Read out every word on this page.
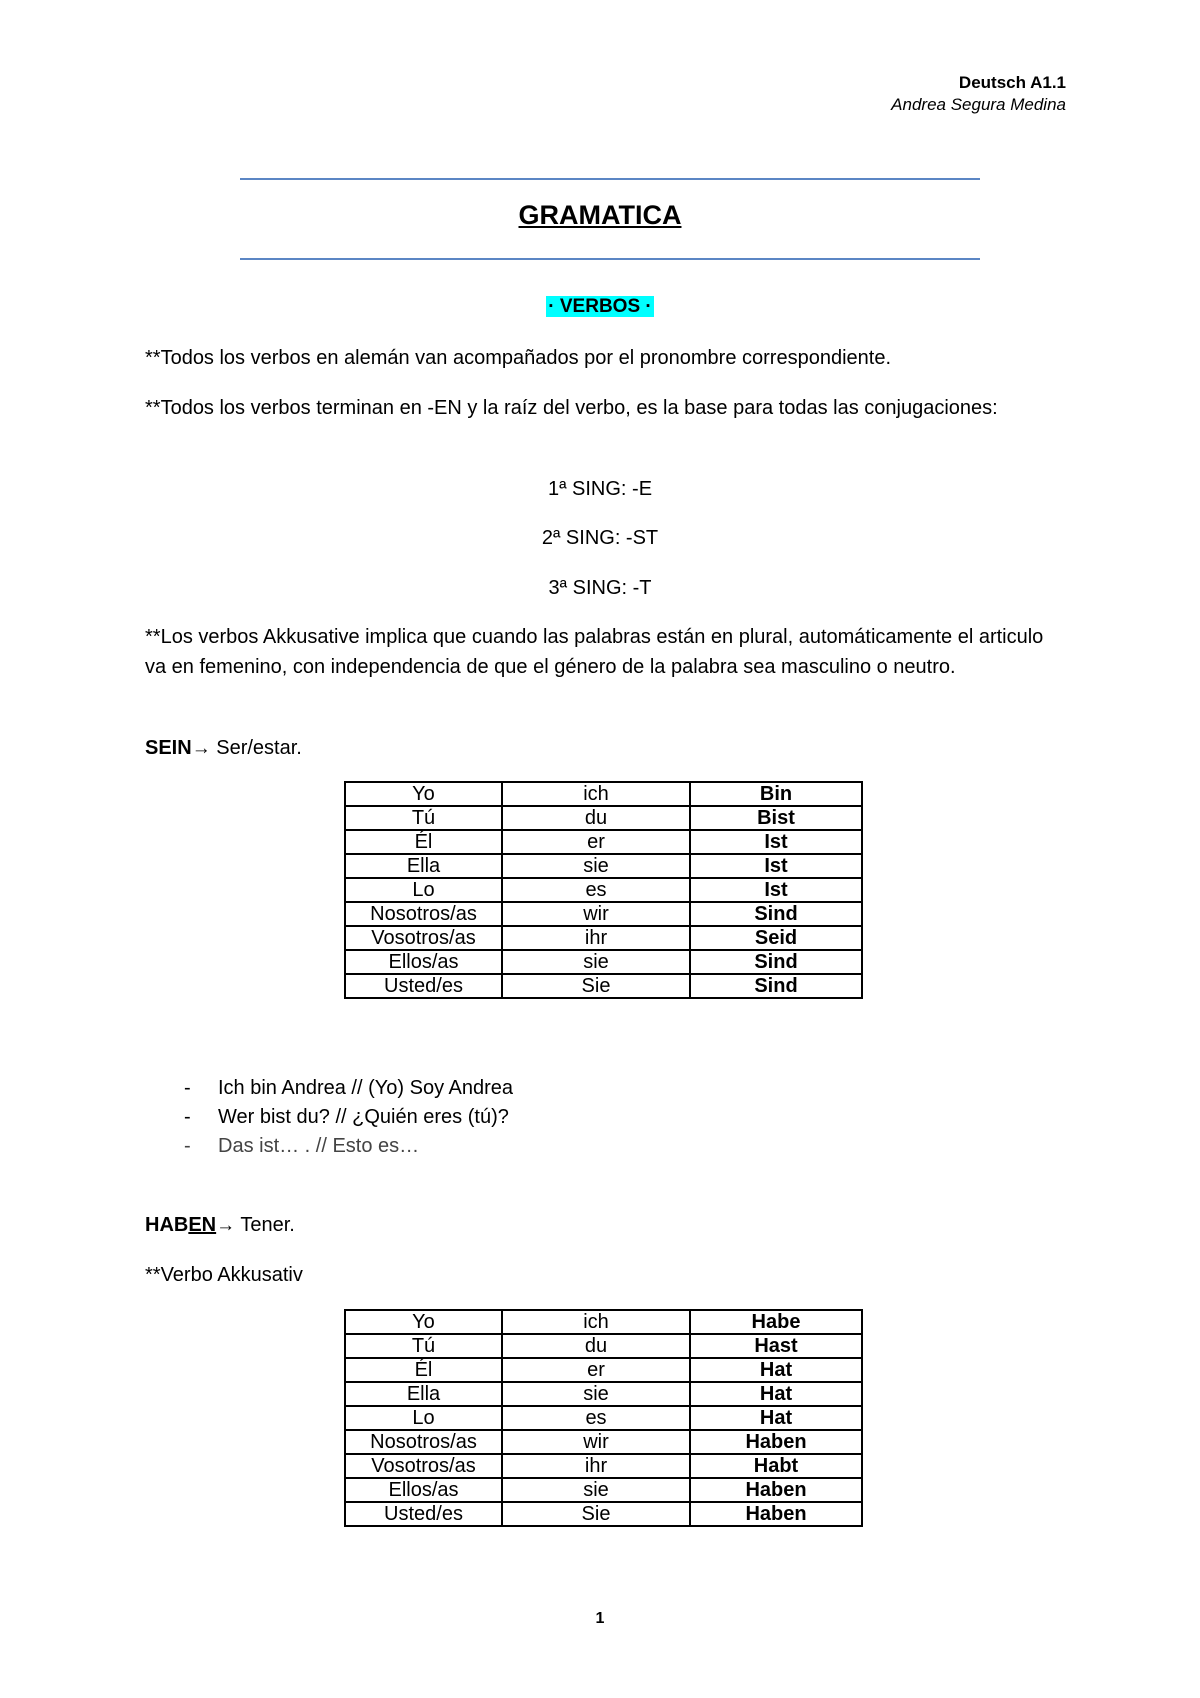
Deutsch A1.1
Andrea Segura Medina
GRAMATICA
· VERBOS ·
**Todos los verbos en alemán van acompañados por el pronombre correspondiente.
**Todos los verbos terminan en -EN y la raíz del verbo, es la base para todas las conjugaciones:
1ª SING: -E
2ª SING: -ST
3ª SING: -T
**Los verbos Akkusative implica que cuando las palabras están en plural, automáticamente el articulo va en femenino, con independencia de que el género de la palabra sea masculino o neutro.
SEIN→ Ser/estar.
Yo	ich	Bin
Tú	du	Bist
Él	er	Ist
Ella	sie	Ist
Lo	es	Ist
Nosotros/as	wir	Sind
Vosotros/as	ihr	Seid
Ellos/as	sie	Sind
Usted/es	Sie	Sind
- Ich bin Andrea // (Yo) Soy Andrea
- Wer bist du? // ¿Quién eres (tú)?
- Das ist… . // Esto es…
HABEN→ Tener.
**Verbo Akkusativ
Yo	ich	Habe
Tú	du	Hast
Él	er	Hat
Ella	sie	Hat
Lo	es	Hat
Nosotros/as	wir	Haben
Vosotros/as	ihr	Habt
Ellos/as	sie	Haben
Usted/es	Sie	Haben
1
